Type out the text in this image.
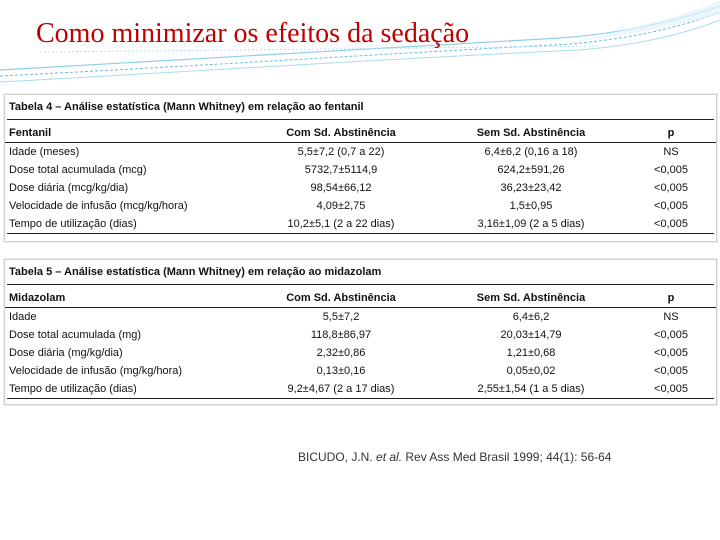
Como minimizar os efeitos da sedação
Tabela 4 – Análise estatística (Mann Whitney) em relação ao fentanil
Fentanil	Com Sd. Abstinência	Sem Sd. Abstinência	p
Idade (meses)	5,5±7,2 (0,7 a 22)	6,4±6,2 (0,16 a 18)	NS
Dose total acumulada (mcg)	5732,7±5114,9	624,2±591,26	<0,005
Dose diária (mcg/kg/dia)	98,54±66,12	36,23±23,42	<0,005
Velocidade de infusão (mcg/kg/hora)	4,09±2,75	1,5±0,95	<0,005
Tempo de utilização (dias)	10,2±5,1 (2 a 22 dias)	3,16±1,09 (2 a 5 dias)	<0,005
Tabela 5 – Análise estatística (Mann Whitney) em relação ao midazolam
Midazolam	Com Sd. Abstinência	Sem Sd. Abstinência	p
Idade	5,5±7,2	6,4±6,2	NS
Dose total acumulada (mg)	118,8±86,97	20,03±14,79	<0,005
Dose diária (mg/kg/dia)	2,32±0,86	1,21±0,68	<0,005
Velocidade de infusão (mg/kg/hora)	0,13±0,16	0,05±0,02	<0,005
Tempo de utilização (dias)	9,2±4,67 (2 a 17 dias)	2,55±1,54 (1 a 5 dias)	<0,005
BICUDO, J.N. et al. Rev Ass Med Brasil 1999; 44(1): 56-64
